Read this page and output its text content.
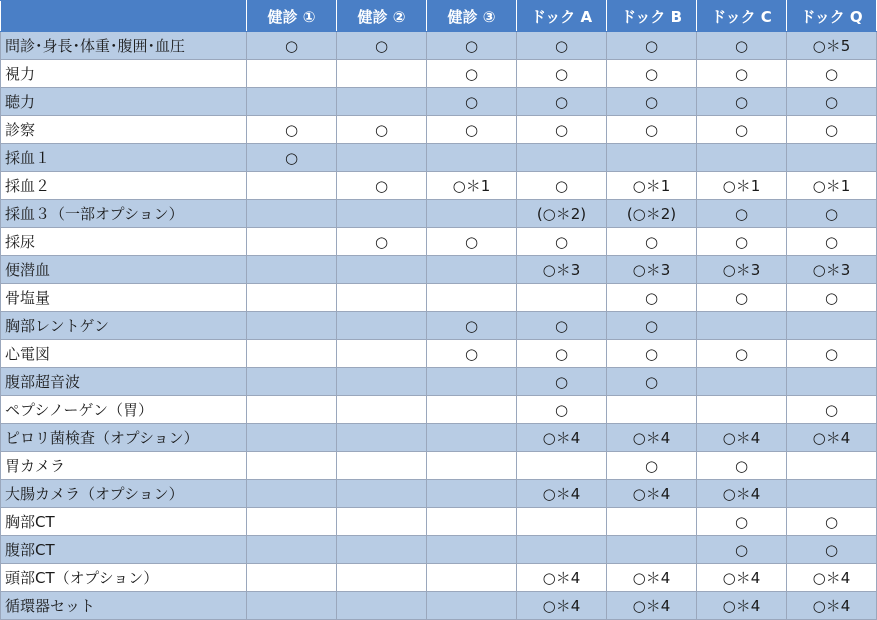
	健診 ①	健診 ②	健診 ③	ドック A	ドック B	ドック C	ドック Q
問診･身長･体重･腹囲･血圧	○	○	○	○	○	○	○＊5
視力			○	○	○	○	○
聴力			○	○	○	○	○
診察	○	○	○	○	○	○	○
採血１	○						
採血２		○	○＊1	○	○＊1	○＊1	○＊1
採血３（一部オプション）				(○＊2)	(○＊2)	○	○
採尿		○	○	○	○	○	○
便潜血				○＊3	○＊3	○＊3	○＊3
骨塩量					○	○	○
胸部レントゲン			○	○	○		
心電図			○	○	○	○	○
腹部超音波				○	○		
ペプシノーゲン（胃）				○			○
ピロリ菌検査（オプション）				○＊4	○＊4	○＊4	○＊4
胃カメラ					○	○	
大腸カメラ（オプション）				○＊4	○＊4	○＊4	
胸部CT						○	○
腹部CT						○	○
頭部CT（オプション）				○＊4	○＊4	○＊4	○＊4
循環器セット				○＊4	○＊4	○＊4	○＊4
